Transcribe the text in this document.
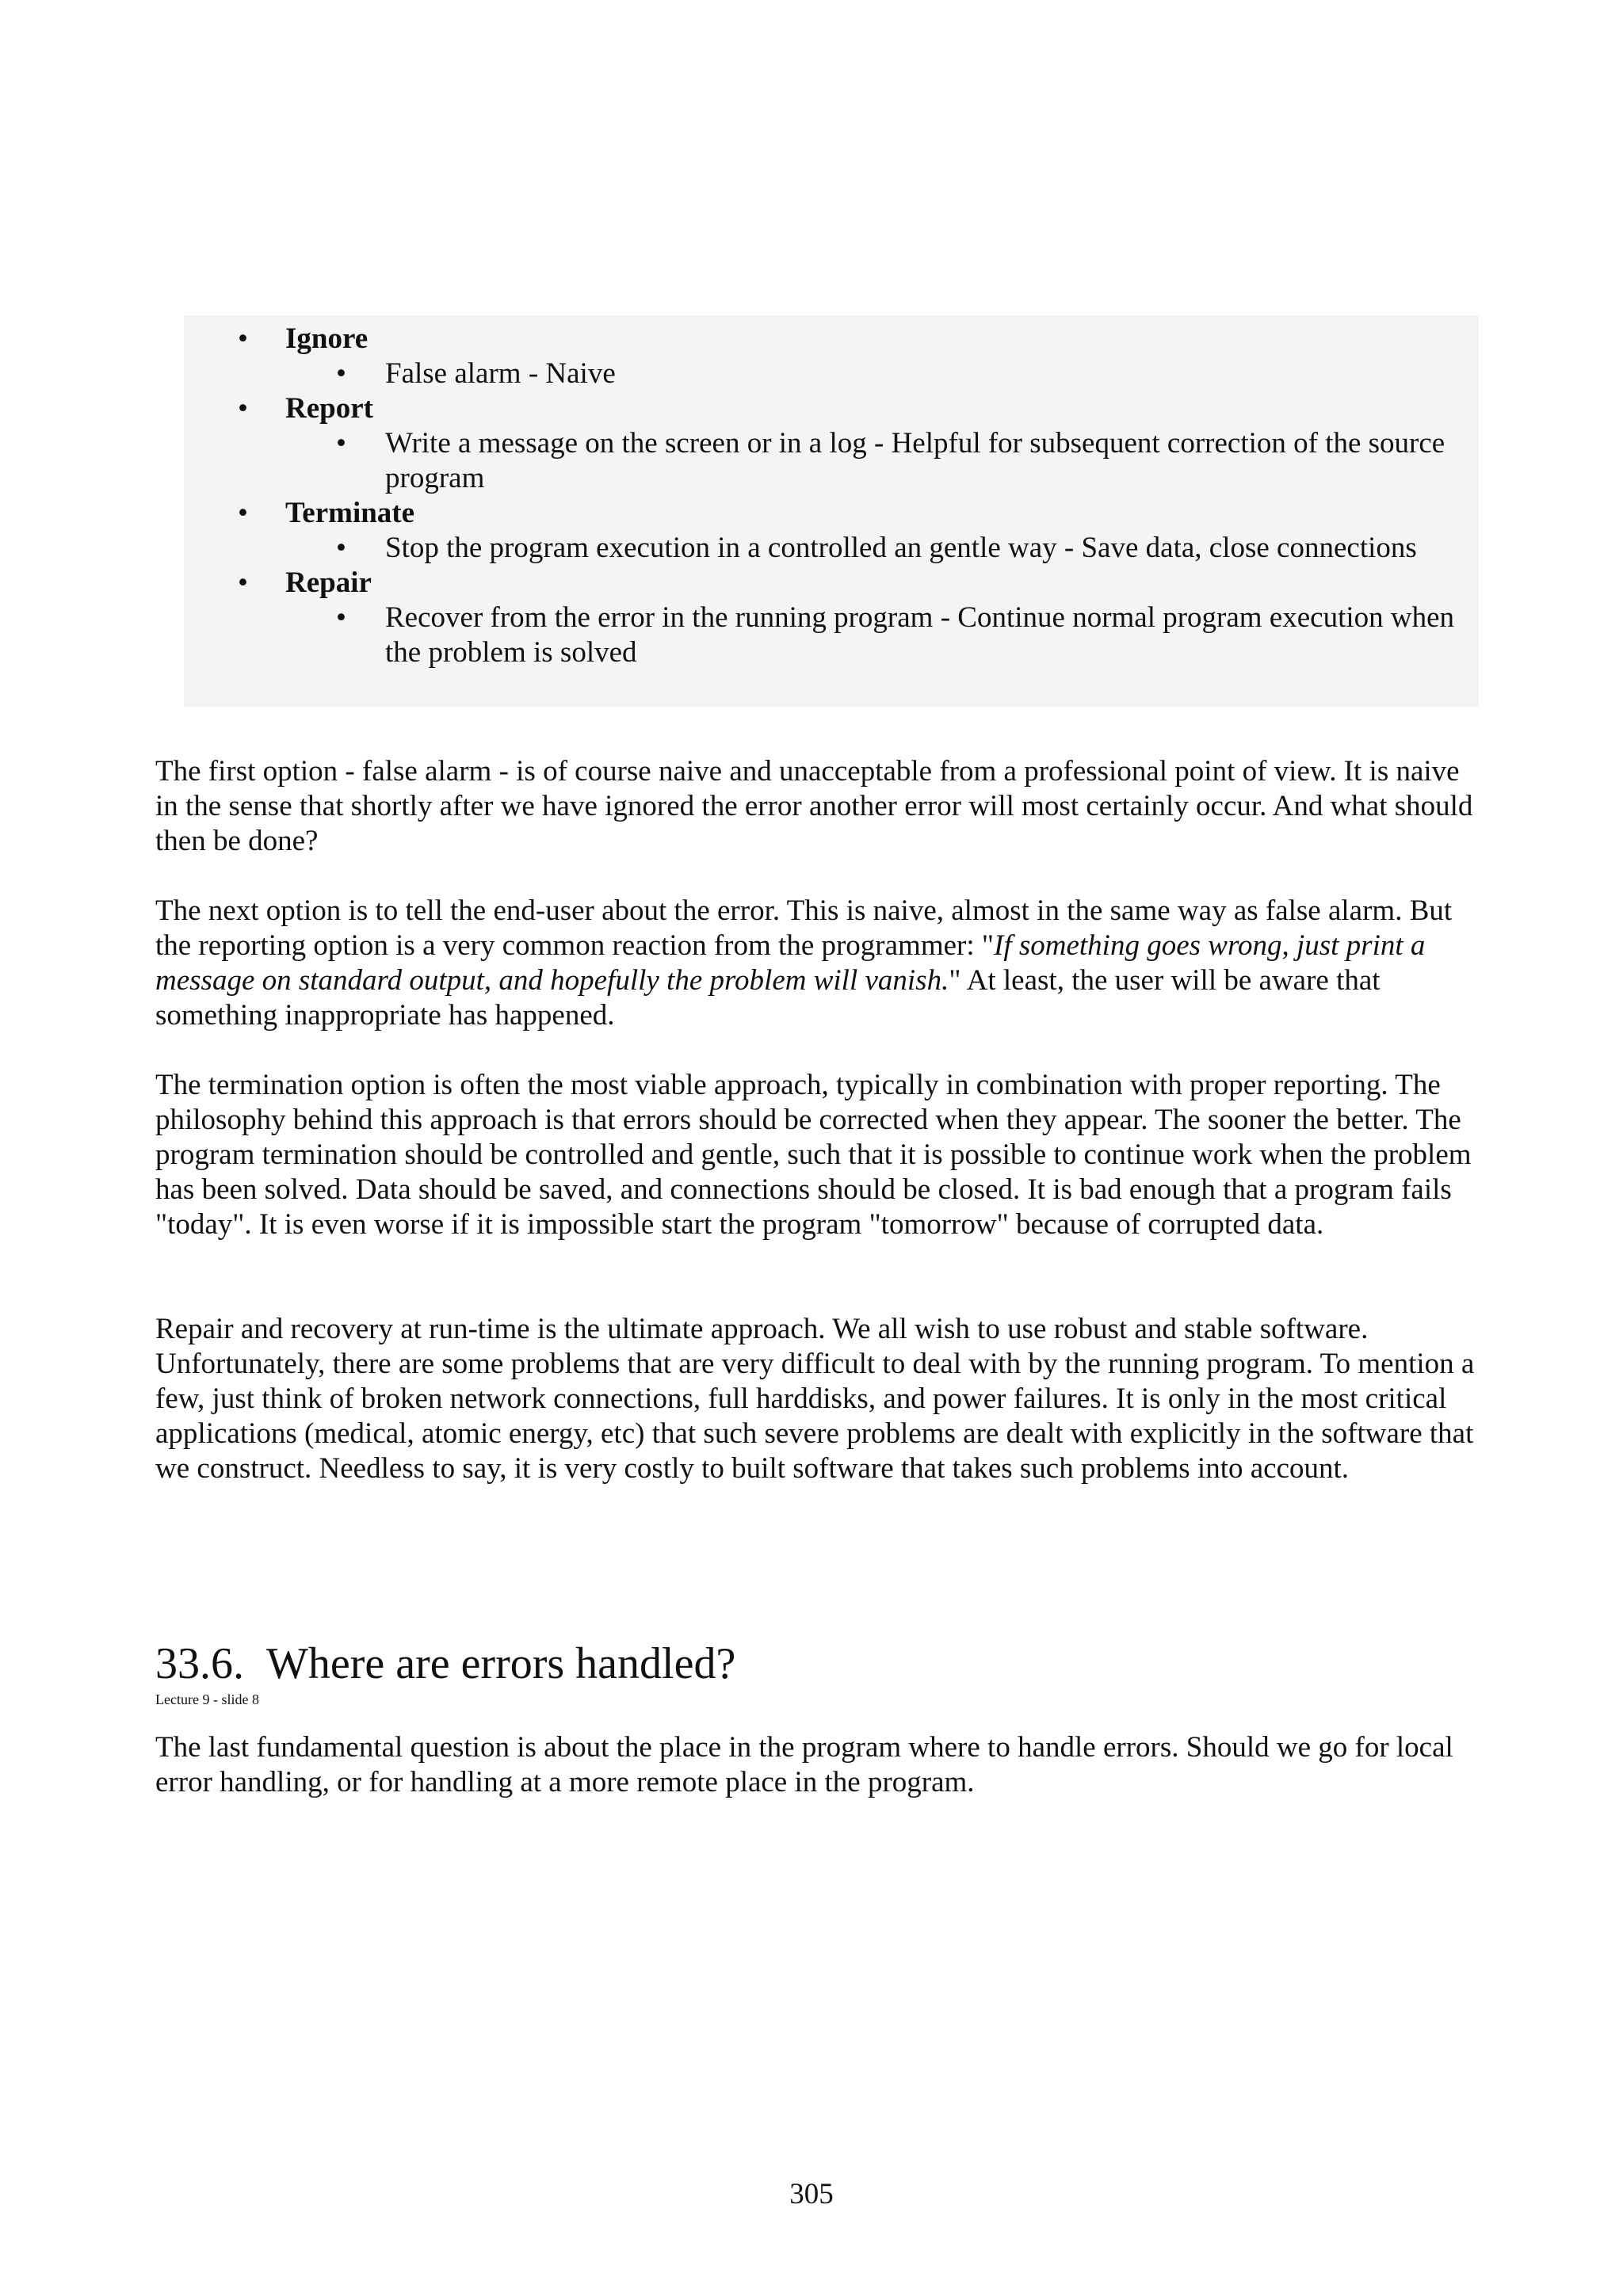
• Ignore
• False alarm - Naive
• Report
• Write a message on the screen or in a log - Helpful for subsequent correction of the source program
• Terminate
• Stop the program execution in a controlled an gentle way - Save data, close connections
• Repair
• Recover from the error in the running program - Continue normal program execution when the problem is solved

The first option - false alarm - is of course naive and unacceptable from a professional point of view. It is naive in the sense that shortly after we have ignored the error another error will most certainly occur. And what should then be done?

The next option is to tell the end-user about the error. This is naive, almost in the same way as false alarm. But the reporting option is a very common reaction from the programmer: "If something goes wrong, just print a message on standard output, and hopefully the problem will vanish." At least, the user will be aware that something inappropriate has happened.

The termination option is often the most viable approach, typically in combination with proper reporting. The philosophy behind this approach is that errors should be corrected when they appear. The sooner the better. The program termination should be controlled and gentle, such that it is possible to continue work when the problem has been solved. Data should be saved, and connections should be closed. It is bad enough that a program fails "today". It is even worse if it is impossible start the program "tomorrow" because of corrupted data.

Repair and recovery at run-time is the ultimate approach. We all wish to use robust and stable software. Unfortunately, there are some problems that are very difficult to deal with by the running program. To mention a few, just think of broken network connections, full harddisks, and power failures. It is only in the most critical applications (medical, atomic energy, etc) that such severe problems are dealt with explicitly in the software that we construct. Needless to say, it is very costly to built software that takes such problems into account.

33.6. Where are errors handled?
Lecture 9 - slide 8

The last fundamental question is about the place in the program where to handle errors. Should we go for local error handling, or for handling at a more remote place in the program.

305
